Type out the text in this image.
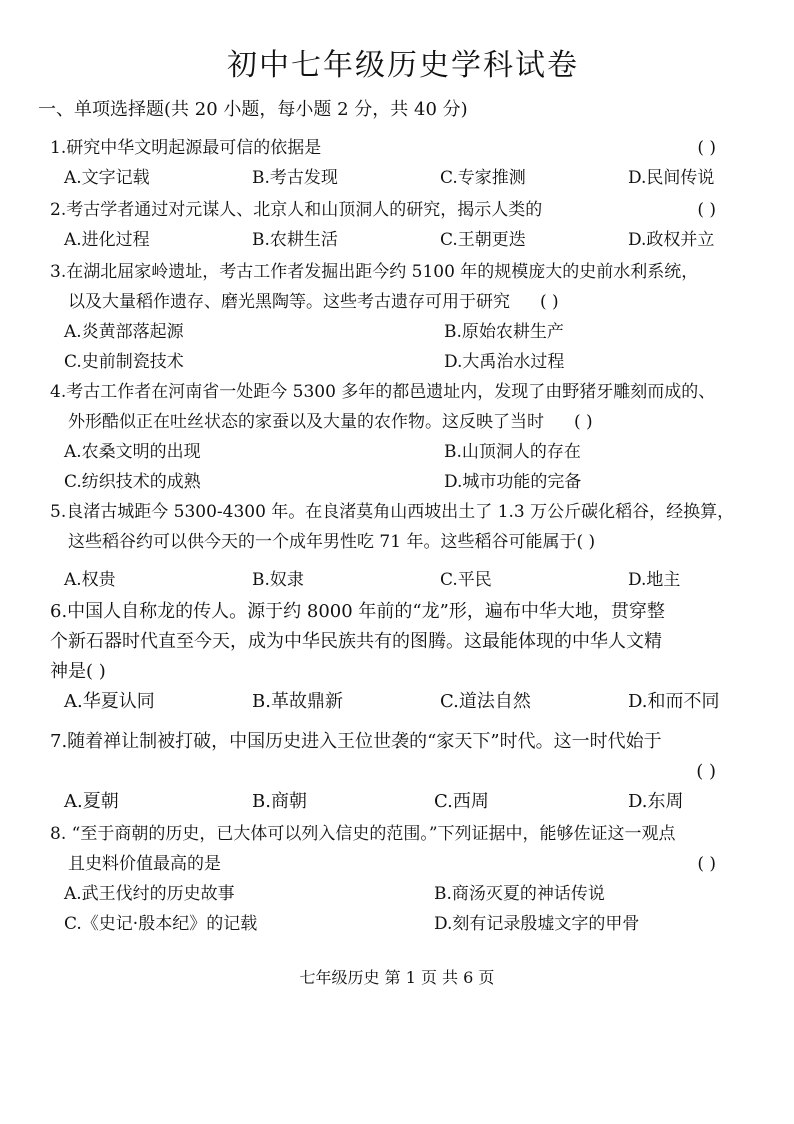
初中七年级历史学科试卷
一、单项选择题(共 20 小题，每小题 2 分，共 40 分)
1.研究中华文明起源最可信的依据是	( )
A.文字记载	B.考古发现	C.专家推测	D.民间传说
2.考古学者通过对元谋人、北京人和山顶洞人的研究，揭示人类的	( )
A.进化过程	B.农耕生活	C.王朝更迭	D.政权并立
3.在湖北屈家岭遗址，考古工作者发掘出距今约 5100 年的规模庞大的史前水利系统，
以及大量稻作遗存、磨光黑陶等。这些考古遗存可用于研究 ( )
A.炎黄部落起源	B.原始农耕生产
C.史前制瓷技术	D.大禹治水过程
4.考古工作者在河南省一处距今 5300 多年的都邑遗址内，发现了由野猪牙雕刻而成的、
外形酷似正在吐丝状态的家蚕以及大量的农作物。这反映了当时 ( )
A.农桑文明的出现	B.山顶洞人的存在
C.纺织技术的成熟	D.城市功能的完备
5.良渚古城距今 5300-4300 年。在良渚莫角山西坡出土了 1.3 万公斤碳化稻谷，经换算，
这些稻谷约可以供今天的一个成年男性吃 71 年。这些稻谷可能属于( )
A.权贵	B.奴隶	C.平民	D.地主
6.中国人自称龙的传人。源于约 8000 年前的“龙”形，遍布中华大地，贯穿整
个新石器时代直至今天，成为中华民族共有的图腾。这最能体现的中华人文精
神是( )
A.华夏认同	B.革故鼎新	C.道法自然	D.和而不同
7.随着禅让制被打破，中国历史进入王位世袭的“家天下”时代。这一时代始于
( )
A.夏朝	B.商朝	C.西周	D.东周
8. “至于商朝的历史，已大体可以列入信史的范围。”下列证据中，能够佐证这一观点
且史料价值最高的是	( )
A.武王伐纣的历史故事	B.商汤灭夏的神话传说
C.《史记·殷本纪》的记载	D.刻有记录殷墟文字的甲骨
七年级历史 第 1 页 共 6 页
